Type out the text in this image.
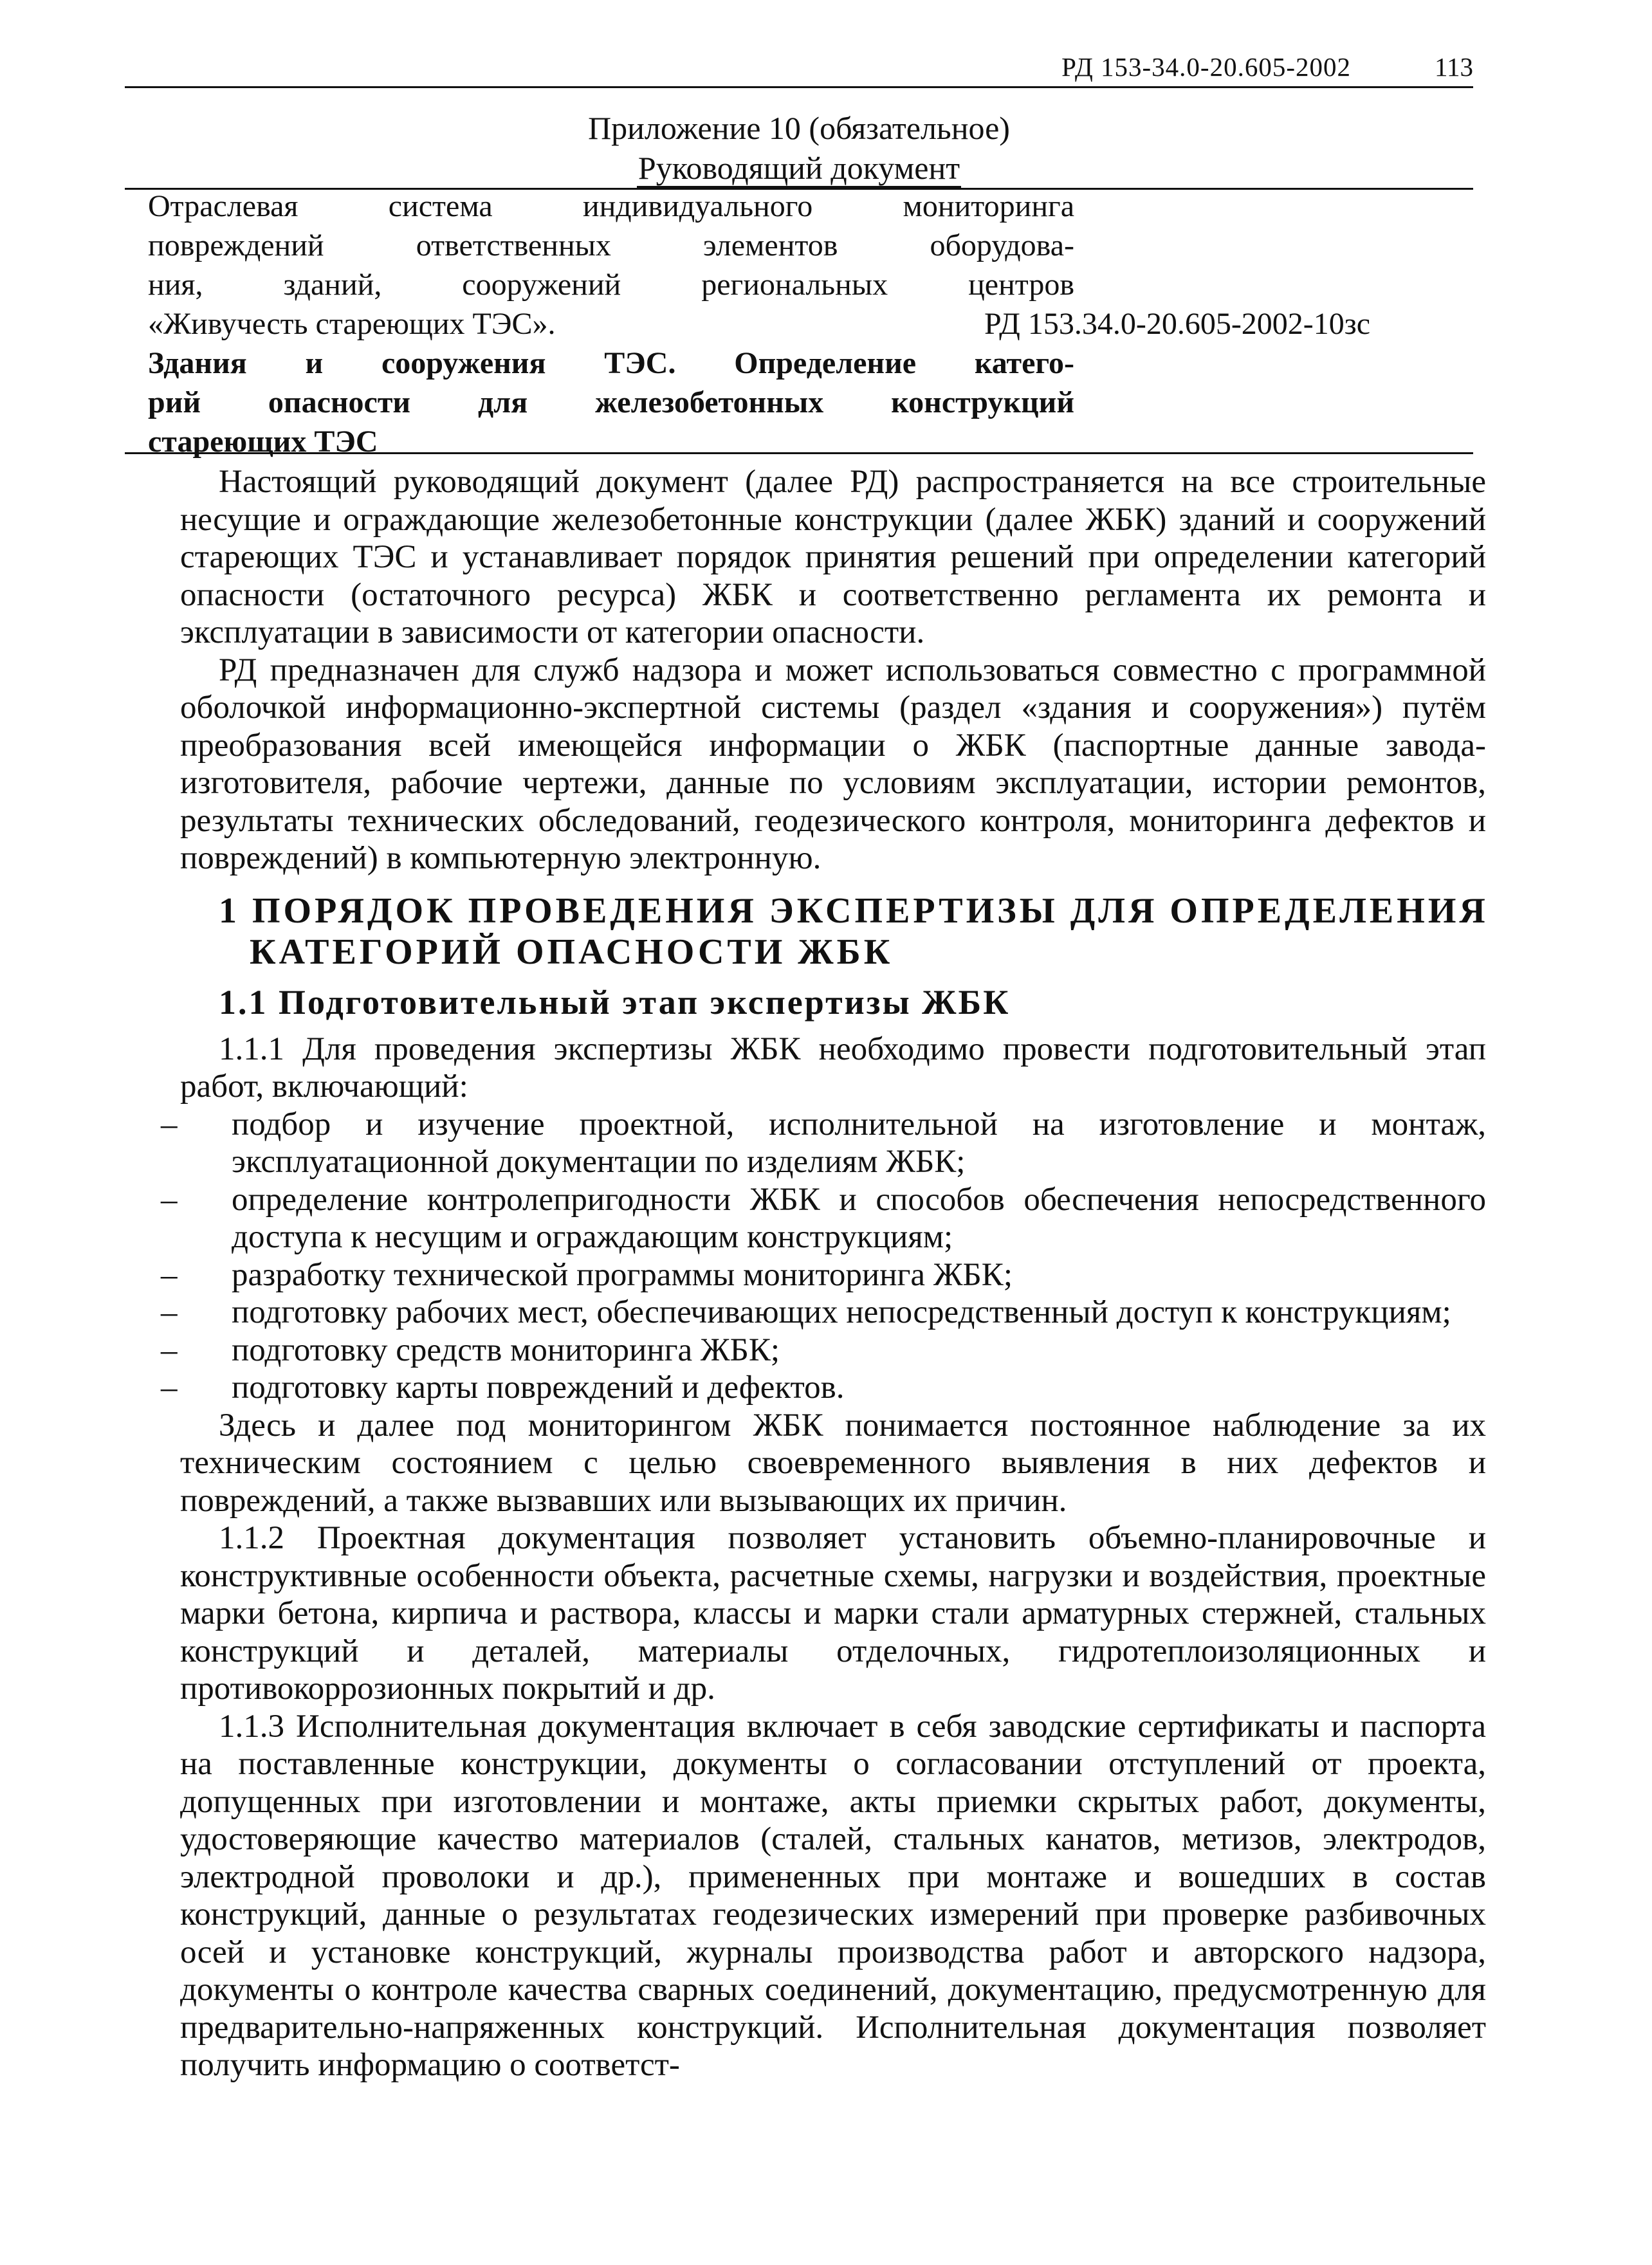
РД 153-34.0-20.605-2002	113
Приложение 10 (обязательное)
Руководящий документ
Отраслевая система индивидуального мониторинга
повреждений ответственных элементов оборудова-
ния, зданий, сооружений региональных центров
«Живучесть стареющих ТЭС».
Здания и сооружения ТЭС. Определение катего-
рий опасности для железобетонных конструкций
стареющих ТЭС
РД 153.34.0-20.605-2002-10зс

Настоящий руководящий документ (далее РД) распространяется на все строительные несущие и ограждающие железобетонные конструкции (далее ЖБК) зданий и сооружений стареющих ТЭС и устанавливает порядок принятия решений при определении категорий опасности (остаточного ресурса) ЖБК и соответственно регламента их ремонта и эксплуатации в зависимости от категории опасности.

РД предназначен для служб надзора и может использоваться совместно с программной оболочкой информационно-экспертной системы (раздел «здания и сооружения») путём преобразования всей имеющейся информации о ЖБК (паспортные данные завода-изготовителя, рабочие чертежи, данные по условиям эксплуатации, истории ремонтов, результаты технических обследований, геодезического контроля, мониторинга дефектов и повреждений) в компьютерную электронную.

1 ПОРЯДОК ПРОВЕДЕНИЯ ЭКСПЕРТИЗЫ ДЛЯ ОПРЕДЕЛЕНИЯ
КАТЕГОРИЙ ОПАСНОСТИ ЖБК
1.1 Подготовительный этап экспертизы ЖБК

1.1.1 Для проведения экспертизы ЖБК необходимо провести подготовительный этап работ, включающий:

– подбор и изучение проектной, исполнительной на изготовление и монтаж, эксплуатационной документации по изделиям ЖБК;
– определение контролепригодности ЖБК и способов обеспечения непосредственного доступа к несущим и ограждающим конструкциям;
– разработку технической программы мониторинга ЖБК;
– подготовку рабочих мест, обеспечивающих непосредственный доступ к конструкциям;
– подготовку средств мониторинга ЖБК;
– подготовку карты повреждений и дефектов.

Здесь и далее под мониторингом ЖБК понимается постоянное наблюдение за их техническим состоянием с целью своевременного выявления в них дефектов и повреждений, а также вызвавших или вызывающих их причин.

1.1.2 Проектная документация позволяет установить объемно-планировочные и конструктивные особенности объекта, расчетные схемы, нагрузки и воздействия, проектные марки бетона, кирпича и раствора, классы и марки стали арматурных стержней, стальных конструкций и деталей, материалы отделочных, гидротеплоизоляционных и противокоррозионных покрытий и др.

1.1.3 Исполнительная документация включает в себя заводские сертификаты и паспорта на поставленные конструкции, документы о согласовании отступлений от проекта, допущенных при изготовлении и монтаже, акты приемки скрытых работ, документы, удостоверяющие качество материалов (сталей, стальных канатов, метизов, электродов, электродной проволоки и др.), примененных при монтаже и вошедших в состав конструкций, данные о результатах геодезических измерений при проверке разбивочных осей и установке конструкций, журналы производства работ и авторского надзора, документы о контроле качества сварных соединений, документацию, предусмотренную для предварительно-напряженных конструкций. Исполнительная документация позволяет получить информацию о соответст-
